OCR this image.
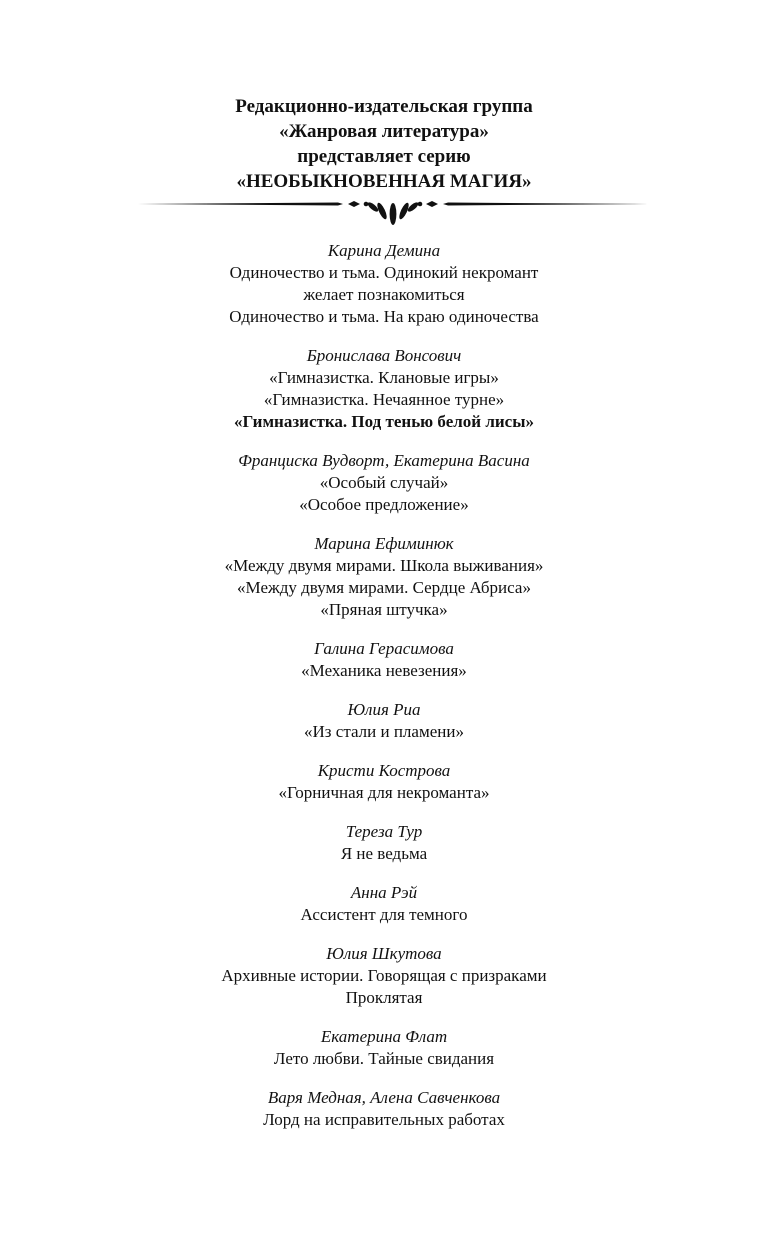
Редакционно-издательская группа
«Жанровая литература»
представляет серию
«НЕОБЫКНОВЕННАЯ МАГИЯ»
Карина Демина
Одиночество и тьма. Одинокий некромант
желает познакомиться
Одиночество и тьма. На краю одиночества
Бронислава Вонсович
«Гимназистка. Клановые игры»
«Гимназистка. Нечаянное турне»
«Гимназистка. Под тенью белой лисы»
Франциска Вудворт, Екатерина Васина
«Особый случай»
«Особое предложение»
Марина Ефиминюк
«Между двумя мирами. Школа выживания»
«Между двумя мирами. Сердце Абриса»
«Пряная штучка»
Галина Герасимова
«Механика невезения»
Юлия Риа
«Из стали и пламени»
Кристи Кострова
«Горничная для некроманта»
Тереза Тур
Я не ведьма
Анна Рэй
Ассистент для темного
Юлия Шкутова
Архивные истории. Говорящая с призраками
Проклятая
Екатерина Флат
Лето любви. Тайные свидания
Варя Медная, Алена Савченкова
Лорд на исправительных работах
